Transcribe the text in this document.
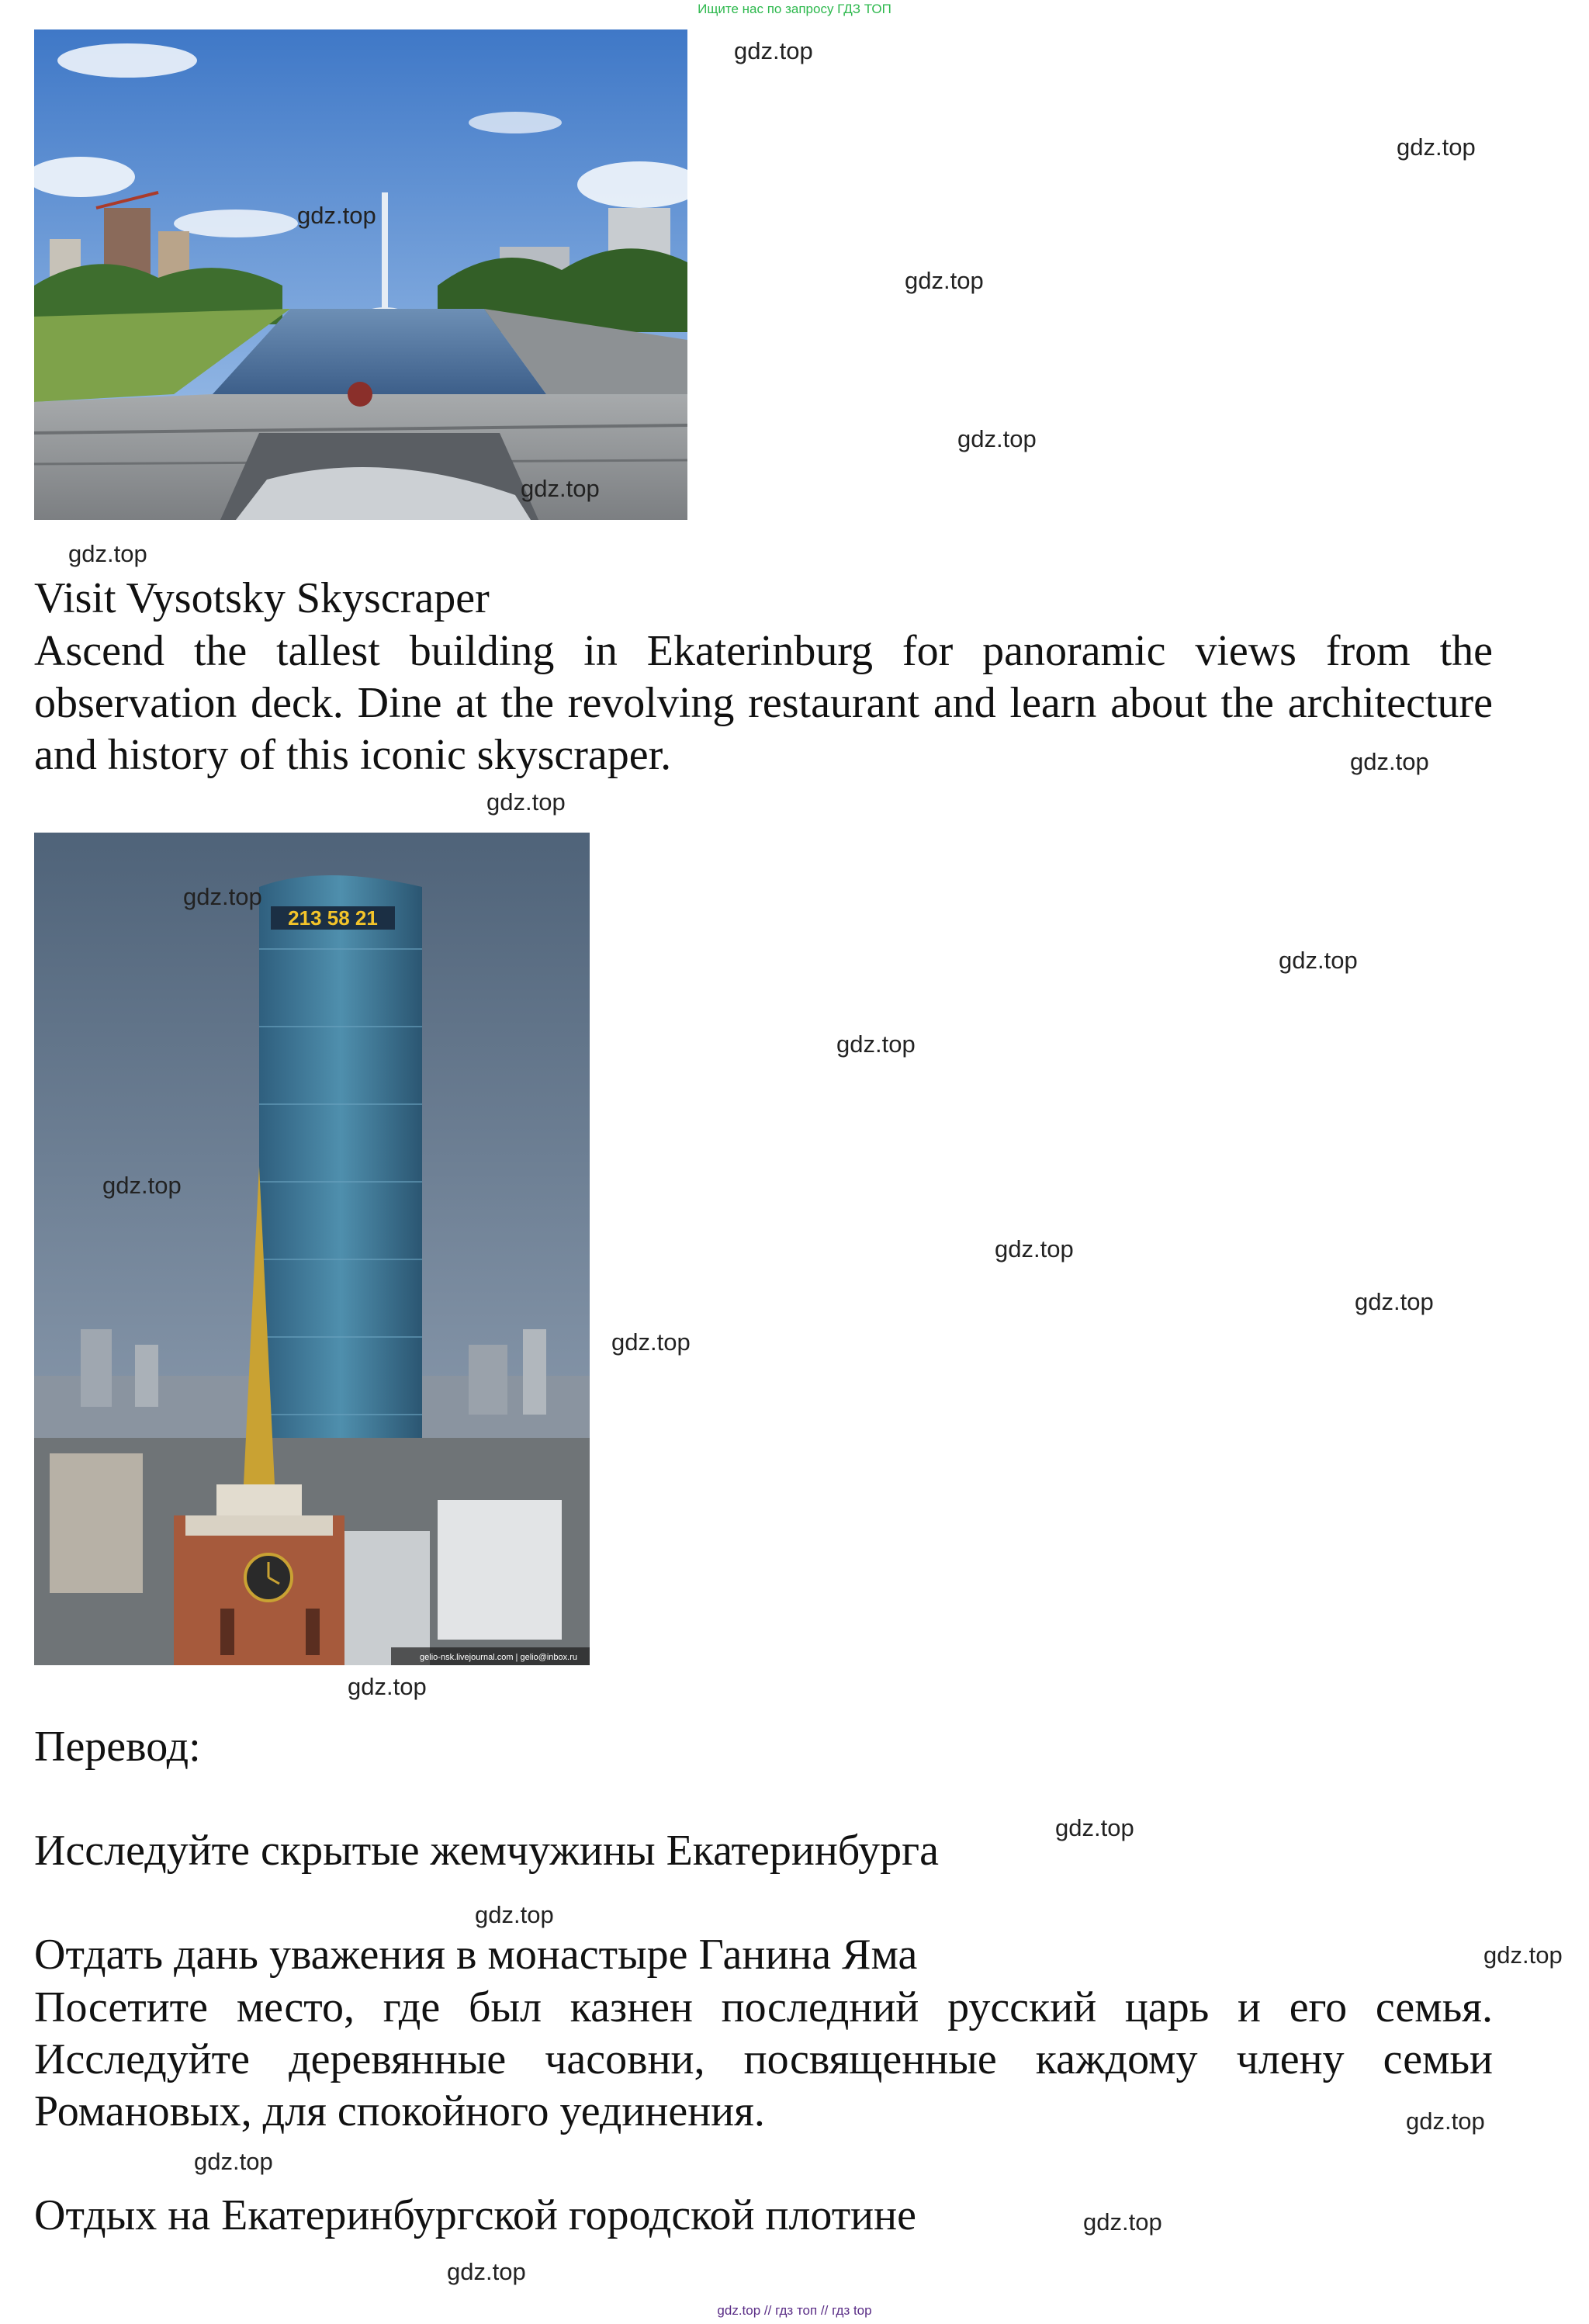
Ищите нас по запросу ГДЗ ТОП
gdz.top
gdz.top
gdz.top
gdz.top
gdz.top
gdz.top
gdz.top
Visit Vysotsky Skyscraper
Ascend the tallest building in Ekaterinburg for panoramic views from the observation deck. Dine at the revolving restaurant and learn about the architecture and history of this iconic skyscraper.	gdz.top
gdz.top
213 58 21
gelio-nsk.livejournal.com | gelio@inbox.ru
gdz.top
gdz.top
gdz.top
gdz.top
gdz.top
gdz.top
gdz.top
gdz.top
Перевод:
gdz.top
Исследуйте скрытые жемчужины Екатеринбурга
gdz.top
gdz.top
Отдать дань уважения в монастыре Ганина Яма
Посетите место, где был казнен последний русский царь и его семья. Исследуйте деревянные часовни, посвященные каждому члену семьи Романовых, для спокойного уединения.	gdz.top
gdz.top
Отдых на Екатеринбургской городской плотине	gdz.top
gdz.top
gdz.top // гдз топ // гдз top
